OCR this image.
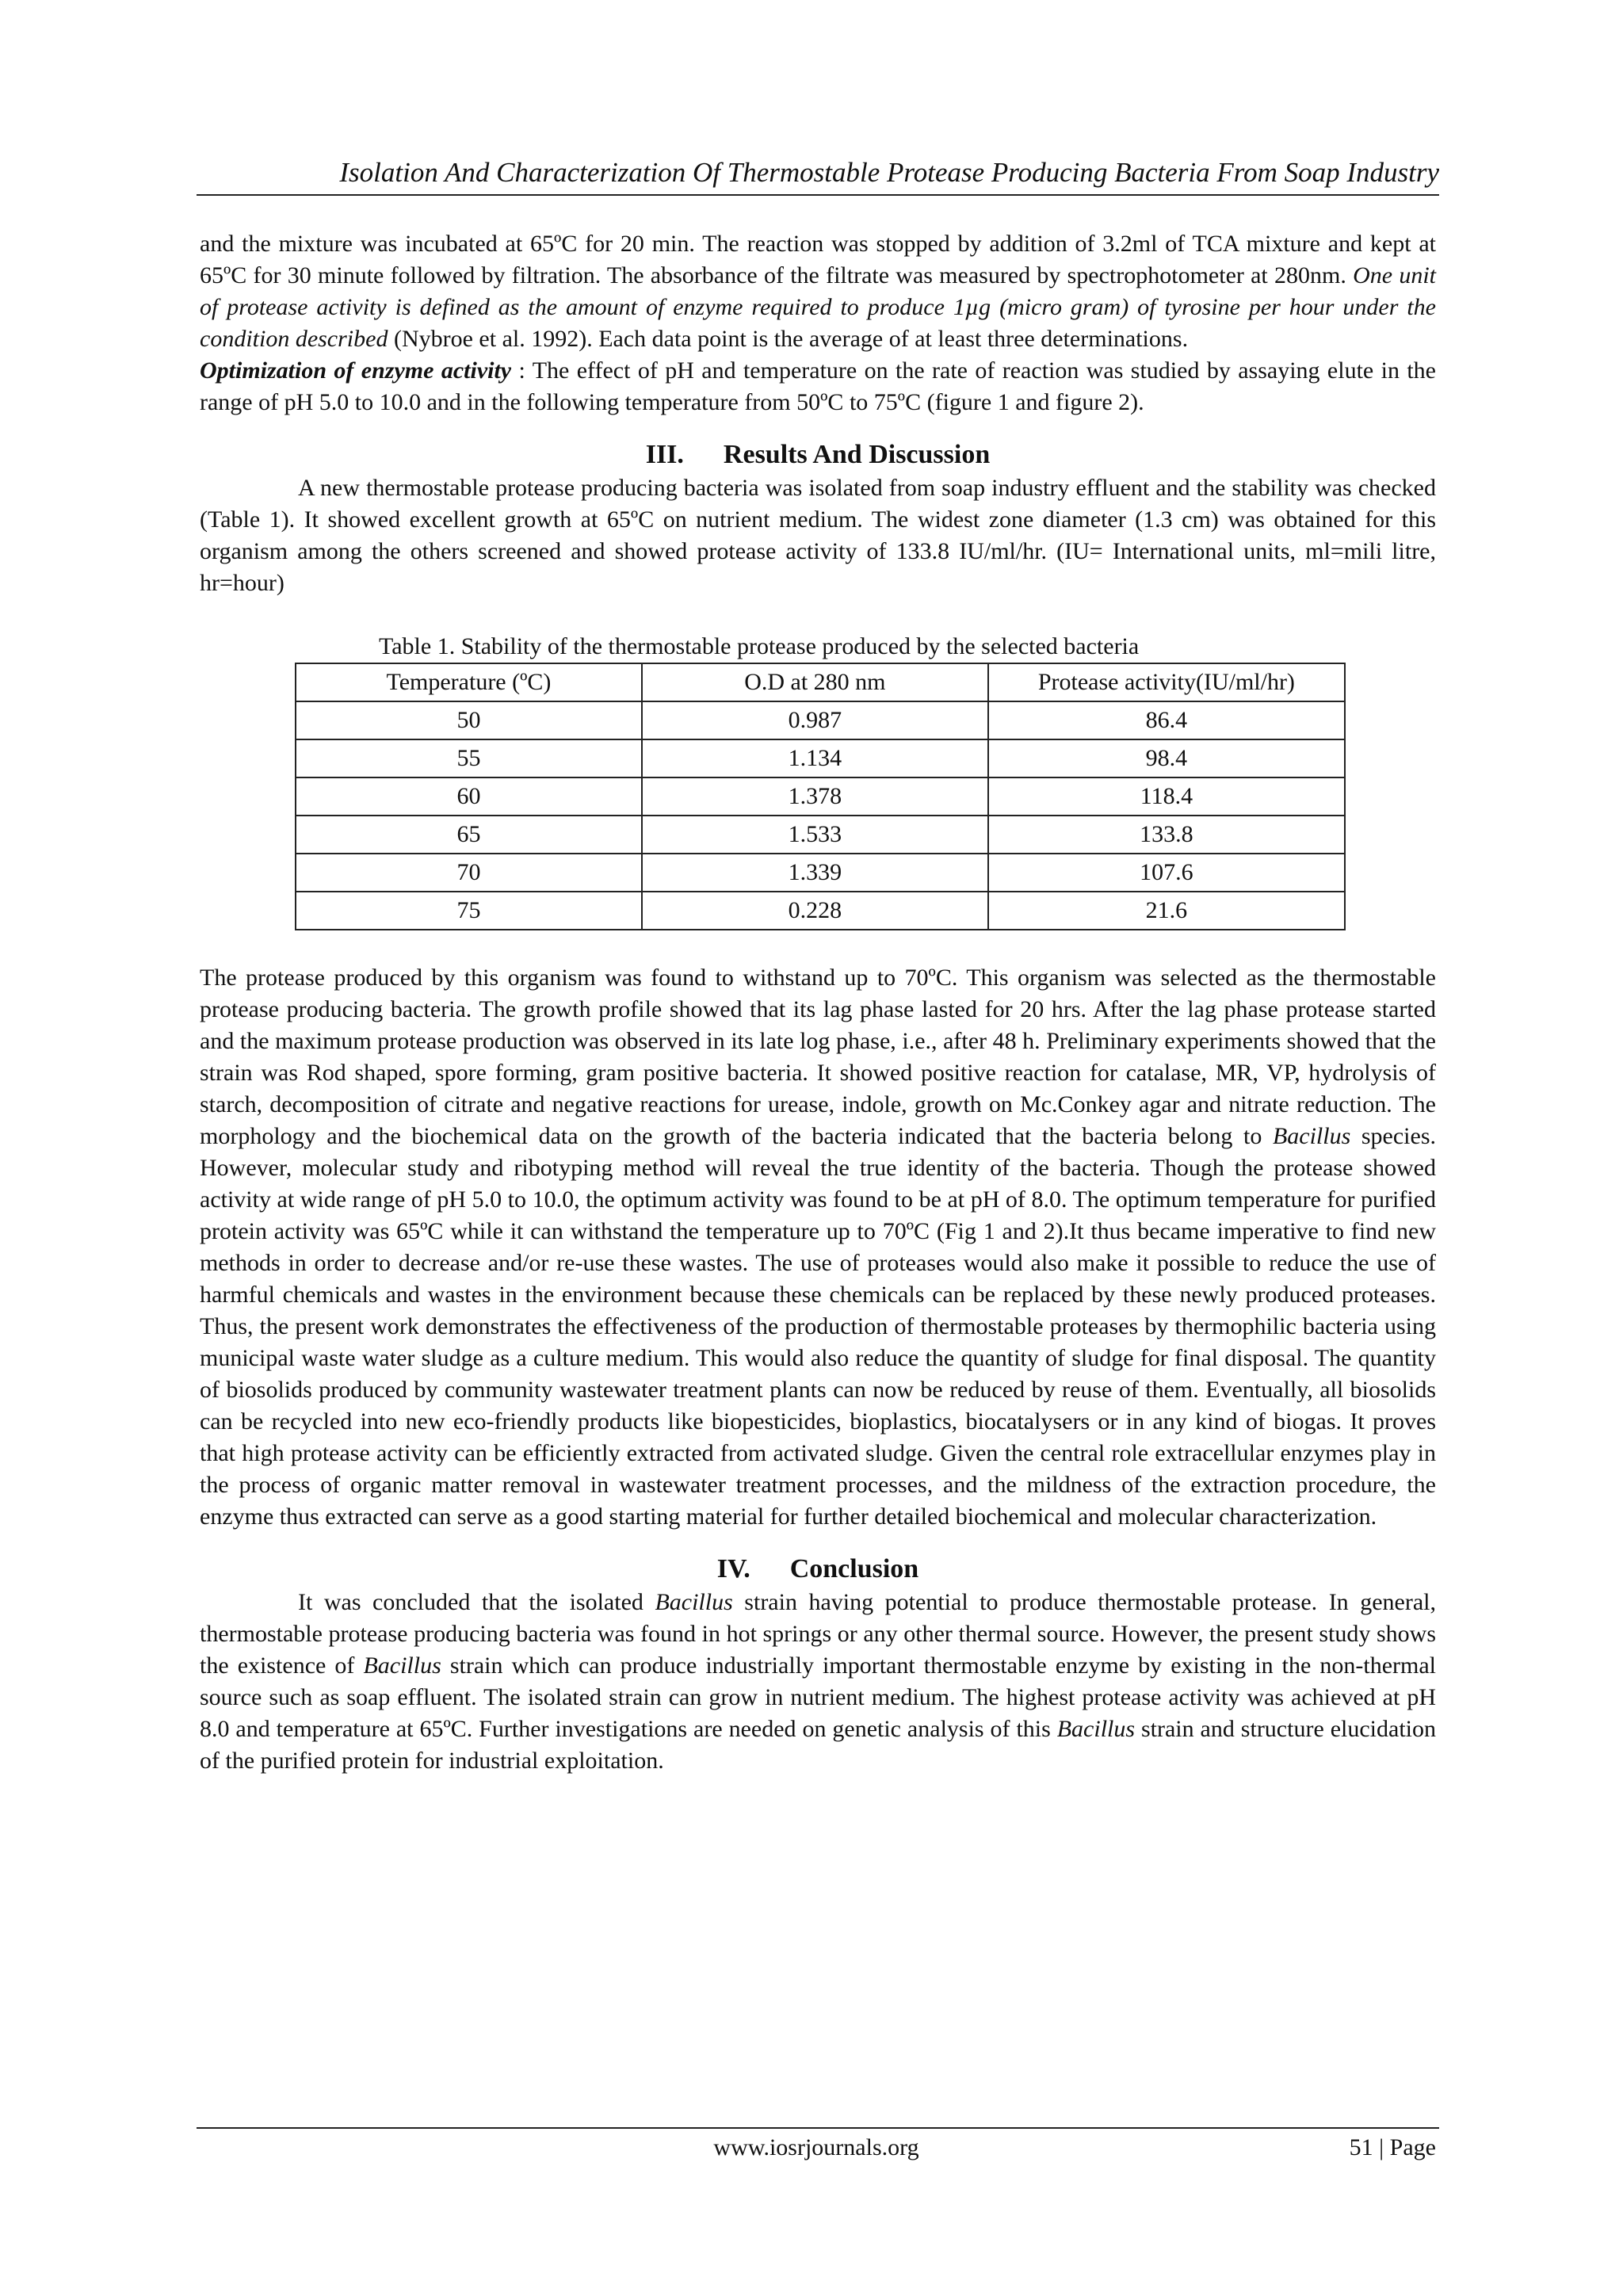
Isolation And Characterization Of Thermostable Protease Producing Bacteria From Soap Industry

and the mixture was incubated at 65ºC for 20 min. The reaction was stopped by addition of 3.2ml of TCA mixture and kept at 65ºC for 30 minute followed by filtration. The absorbance of the filtrate was measured by spectrophotometer at 280nm. One unit of protease activity is defined as the amount of enzyme required to produce 1µg (micro gram) of tyrosine per hour under the condition described (Nybroe et al. 1992). Each data point is the average of at least three determinations.

Optimization of enzyme activity : The effect of pH and temperature on the rate of reaction was studied by assaying elute in the range of pH 5.0 to 10.0 and in the following temperature from 50ºC to 75ºC (figure 1 and figure 2).

III. Results And Discussion

A new thermostable protease producing bacteria was isolated from soap industry effluent and the stability was checked (Table 1). It showed excellent growth at 65ºC on nutrient medium. The widest zone diameter (1.3 cm) was obtained for this organism among the others screened and showed protease activity of 133.8 IU/ml/hr. (IU= International units, ml=mili litre, hr=hour)

Table 1. Stability of the thermostable protease produced by the selected bacteria

Temperature (ºC)	O.D at 280 nm	Protease activity(IU/ml/hr)
50	0.987	86.4
55	1.134	98.4
60	1.378	118.4
65	1.533	133.8
70	1.339	107.6
75	0.228	21.6

The protease produced by this organism was found to withstand up to 70ºC. This organism was selected as the thermostable protease producing bacteria. The growth profile showed that its lag phase lasted for 20 hrs. After the lag phase protease started and the maximum protease production was observed in its late log phase, i.e., after 48 h. Preliminary experiments showed that the strain was Rod shaped, spore forming, gram positive bacteria. It showed positive reaction for catalase, MR, VP, hydrolysis of starch, decomposition of citrate and negative reactions for urease, indole, growth on Mc.Conkey agar and nitrate reduction. The morphology and the biochemical data on the growth of the bacteria indicated that the bacteria belong to Bacillus species. However, molecular study and ribotyping method will reveal the true identity of the bacteria. Though the protease showed activity at wide range of pH 5.0 to 10.0, the optimum activity was found to be at pH of 8.0. The optimum temperature for purified protein activity was 65ºC while it can withstand the temperature up to 70ºC (Fig 1 and 2).It thus became imperative to find new methods in order to decrease and/or re-use these wastes. The use of proteases would also make it possible to reduce the use of harmful chemicals and wastes in the environment because these chemicals can be replaced by these newly produced proteases. Thus, the present work demonstrates the effectiveness of the production of thermostable proteases by thermophilic bacteria using municipal waste water sludge as a culture medium. This would also reduce the quantity of sludge for final disposal. The quantity of biosolids produced by community wastewater treatment plants can now be reduced by reuse of them. Eventually, all biosolids can be recycled into new eco-friendly products like biopesticides, bioplastics, biocatalysers or in any kind of biogas. It proves that high protease activity can be efficiently extracted from activated sludge. Given the central role extracellular enzymes play in the process of organic matter removal in wastewater treatment processes, and the mildness of the extraction procedure, the enzyme thus extracted can serve as a good starting material for further detailed biochemical and molecular characterization.

IV. Conclusion

It was concluded that the isolated Bacillus strain having potential to produce thermostable protease. In general, thermostable protease producing bacteria was found in hot springs or any other thermal source. However, the present study shows the existence of Bacillus strain which can produce industrially important thermostable enzyme by existing in the non-thermal source such as soap effluent. The isolated strain can grow in nutrient medium. The highest protease activity was achieved at pH 8.0 and temperature at 65ºC. Further investigations are needed on genetic analysis of this Bacillus strain and structure elucidation of the purified protein for industrial exploitation.

www.iosrjournals.org	51 | Page
